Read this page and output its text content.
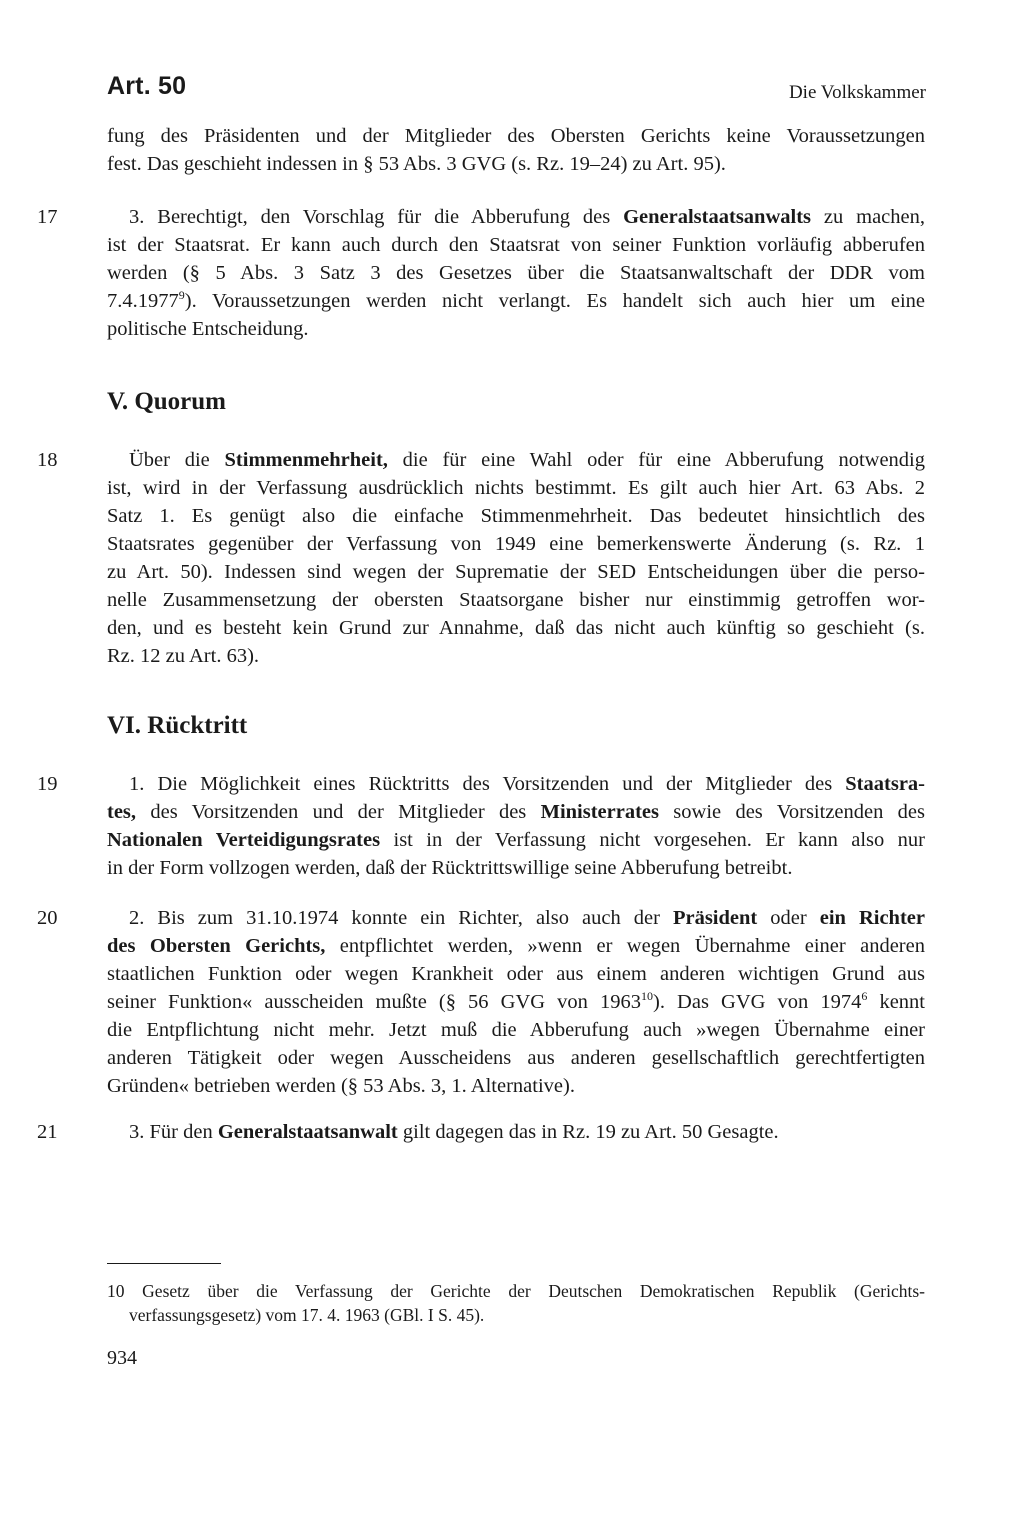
Art. 50	Die Volkskammer
fung des Präsidenten und der Mitglieder des Obersten Gerichts keine Voraussetzungen
fest. Das geschieht indessen in § 53 Abs. 3 GVG (s. Rz. 19–24) zu Art. 95).
17	3. Berechtigt, den Vorschlag für die Abberufung des Generalstaatsanwalts zu machen,
ist der Staatsrat. Er kann auch durch den Staatsrat von seiner Funktion vorläufig abberufen
werden (§ 5 Abs. 3 Satz 3 des Gesetzes über die Staatsanwaltschaft der DDR vom
7.4.1977$^9$). Voraussetzungen werden nicht verlangt. Es handelt sich auch hier um eine
politische Entscheidung.
V. Quorum
18	Über die Stimmenmehrheit, die für eine Wahl oder für eine Abberufung notwendig
ist, wird in der Verfassung ausdrücklich nichts bestimmt. Es gilt auch hier Art. 63 Abs. 2
Satz 1. Es genügt also die einfache Stimmenmehrheit. Das bedeutet hinsichtlich des
Staatsrates gegenüber der Verfassung von 1949 eine bemerkenswerte Änderung (s. Rz. 1
zu Art. 50). Indessen sind wegen der Suprematie der SED Entscheidungen über die perso-
nelle Zusammensetzung der obersten Staatsorgane bisher nur einstimmig getroffen wor-
den, und es besteht kein Grund zur Annahme, daß das nicht auch künftig so geschieht (s.
Rz. 12 zu Art. 63).
VI. Rücktritt
19	1. Die Möglichkeit eines Rücktritts des Vorsitzenden und der Mitglieder des Staatsra-
tes, des Vorsitzenden und der Mitglieder des Ministerrates sowie des Vorsitzenden des
Nationalen Verteidigungsrates ist in der Verfassung nicht vorgesehen. Er kann also nur
in der Form vollzogen werden, daß der Rücktrittswillige seine Abberufung betreibt.
20	2. Bis zum 31.10.1974 konnte ein Richter, also auch der Präsident oder ein Richter
des Obersten Gerichts, entpflichtet werden, »wenn er wegen Übernahme einer anderen
staatlichen Funktion oder wegen Krankheit oder aus einem anderen wichtigen Grund aus
seiner Funktion« ausscheiden mußte (§ 56 GVG von 1963$^{10}$). Das GVG von 1974$^6$ kennt
die Entpflichtung nicht mehr. Jetzt muß die Abberufung auch »wegen Übernahme einer
anderen Tätigkeit oder wegen Ausscheidens aus anderen gesellschaftlich gerechtfertigten
Gründen« betrieben werden (§ 53 Abs. 3, 1. Alternative).
21	3. Für den Generalstaatsanwalt gilt dagegen das in Rz. 19 zu Art. 50 Gesagte.
10 Gesetz über die Verfassung der Gerichte der Deutschen Demokratischen Republik (Gerichts-
verfassungsgesetz) vom 17. 4. 1963 (GBl. I S. 45).
934
